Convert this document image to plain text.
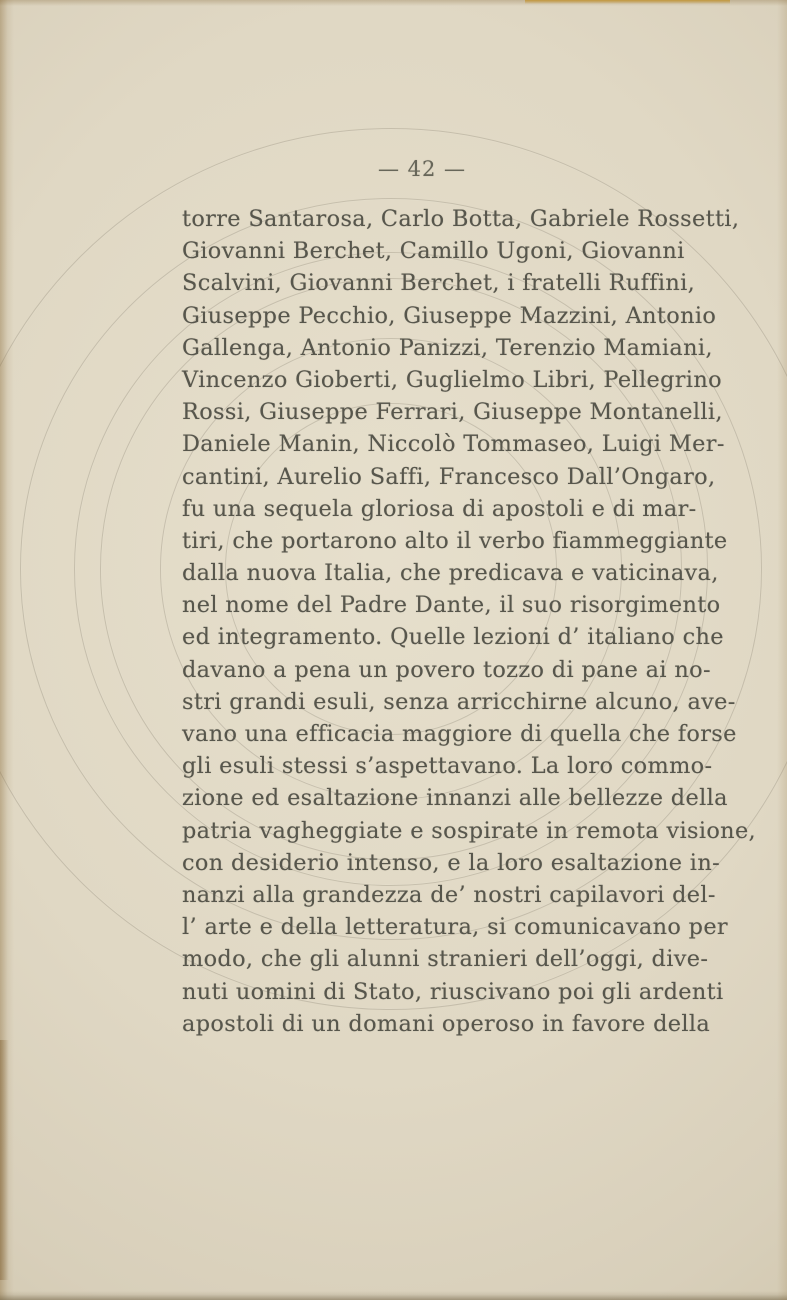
— 42 —
torre Santarosa, Carlo Botta, Gabriele Rossetti,
Giovanni Berchet, Camillo Ugoni, Giovanni
Scalvini, Giovanni Berchet, i fratelli Ruffini,
Giuseppe Pecchio, Giuseppe Mazzini, Antonio
Gallenga, Antonio Panizzi, Terenzio Mamiani,
Vincenzo Gioberti, Guglielmo Libri, Pellegrino
Rossi, Giuseppe Ferrari, Giuseppe Montanelli,
Daniele Manin, Niccolò Tommaseo, Luigi Mer-
cantini, Aurelio Saffi, Francesco Dall’Ongaro,
fu una sequela gloriosa di apostoli e di mar-
tiri, che portarono alto il verbo fiammeggiante
dalla nuova Italia, che predicava e vaticinava,
nel nome del Padre Dante, il suo risorgimento
ed integramento. Quelle lezioni d’ italiano che
davano a pena un povero tozzo di pane ai no-
stri grandi esuli, senza arricchirne alcuno, ave-
vano una efficacia maggiore di quella che forse
gli esuli stessi s’aspettavano. La loro commo-
zione ed esaltazione innanzi alle bellezze della
patria vagheggiate e sospirate in remota visione,
con desiderio intenso, e la loro esaltazione in-
nanzi alla grandezza de’ nostri capilavori del-
l’ arte e della letteratura, si comunicavano per
modo, che gli alunni stranieri dell’oggi, dive-
nuti uomini di Stato, riuscivano poi gli ardenti
apostoli di un domani operoso in favore della
